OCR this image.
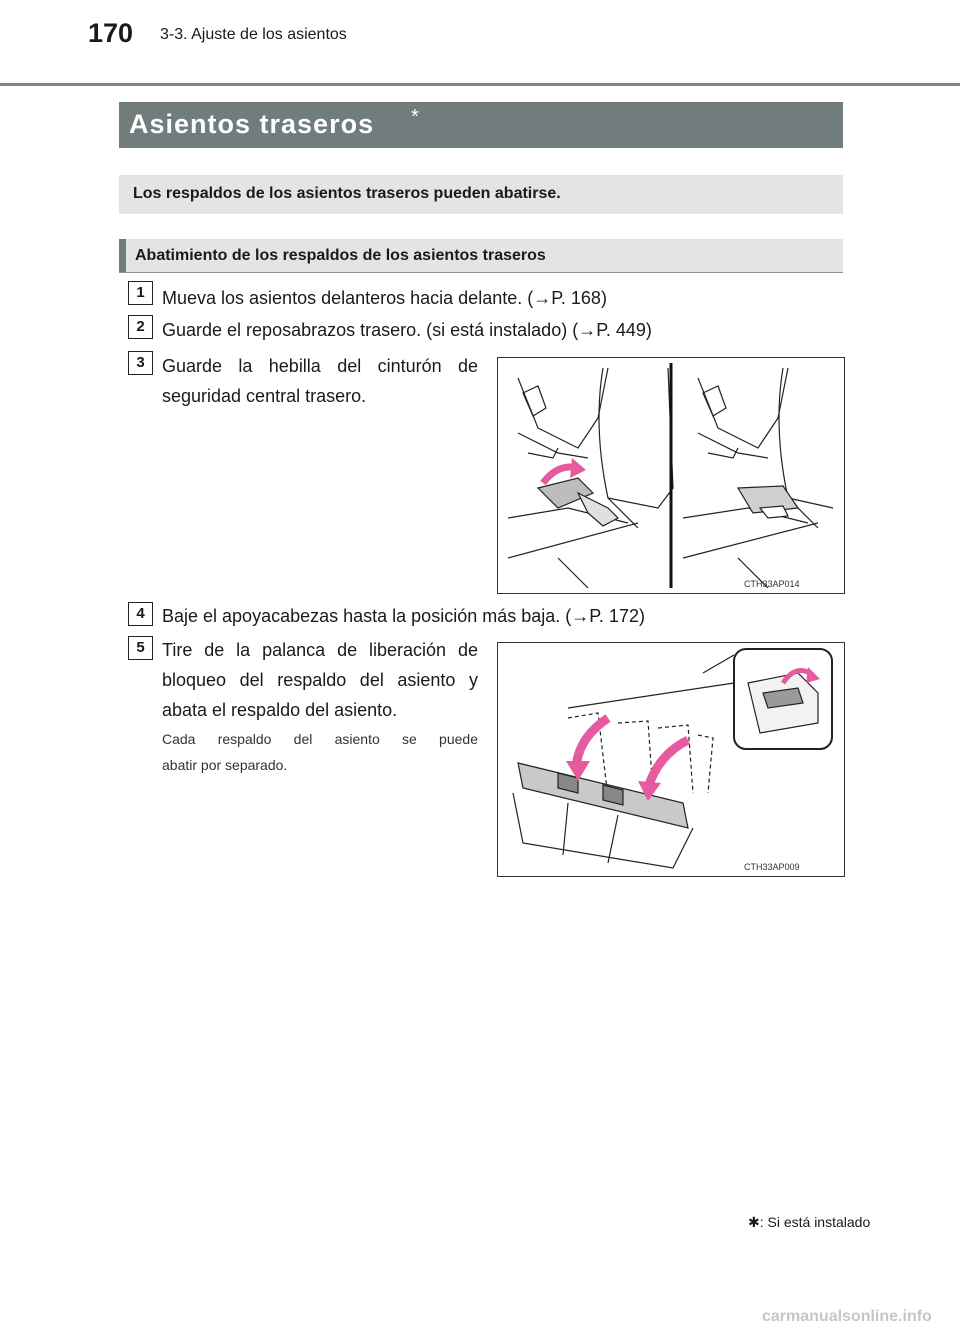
170 3-3. Ajuste de los asientos
Asientos traseros *
Los respaldos de los asientos traseros pueden abatirse.
Abatimiento de los respaldos de los asientos traseros
1 Mueva los asientos delanteros hacia delante. (→P. 168)
2 Guarde el reposabrazos trasero. (si está instalado) (→P. 449)
3 Guarde la hebilla del cinturón de
seguridad central trasero.
CTH33AP014
4 Baje el apoyacabezas hasta la posición más baja. (→P. 172)
5 Tire de la palanca de liberación de
bloqueo del respaldo del asiento y
abata el respaldo del asiento.
Cada respaldo del asiento se puede
abatir por separado.
CTH33AP009
✱: Si está instalado
carmanualsonline.info
